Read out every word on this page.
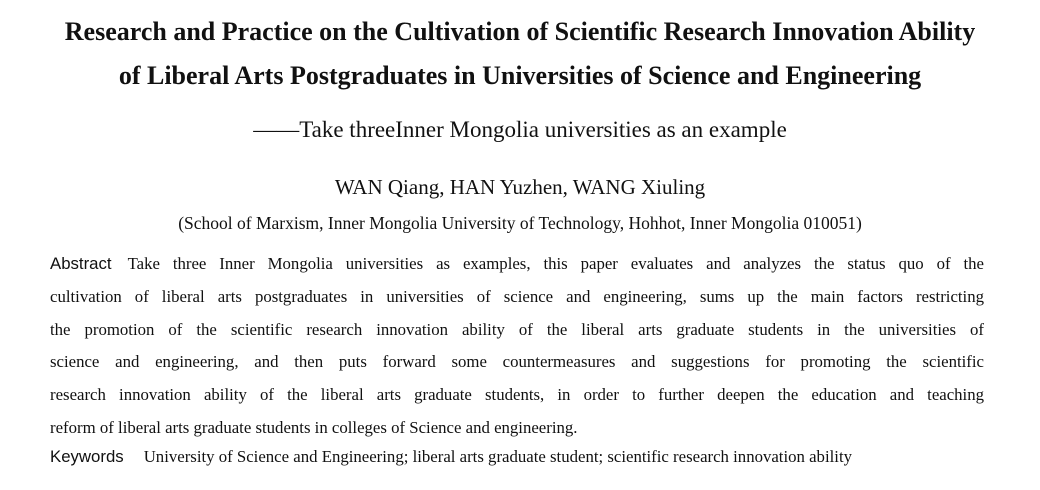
Research and Practice on the Cultivation of Scientific Research Innovation Ability
of Liberal Arts Postgraduates in Universities of Science and Engineering
——Take threeInner Mongolia universities as an example
WAN Qiang, HAN Yuzhen, WANG Xiuling
(School of Marxism, Inner Mongolia University of Technology, Hohhot, Inner Mongolia 010051)
Abstract Take three Inner Mongolia universities as examples, this paper evaluates and analyzes the status quo of the
cultivation of liberal arts postgraduates in universities of science and engineering, sums up the main factors restricting
the promotion of the scientific research innovation ability of the liberal arts graduate students in the universities of
science and engineering, and then puts forward some countermeasures and suggestions for promoting the scientific
research innovation ability of the liberal arts graduate students, in order to further deepen the education and teaching
reform of liberal arts graduate students in colleges of Science and engineering.
Keywords University of Science and Engineering; liberal arts graduate student; scientific research innovation ability
